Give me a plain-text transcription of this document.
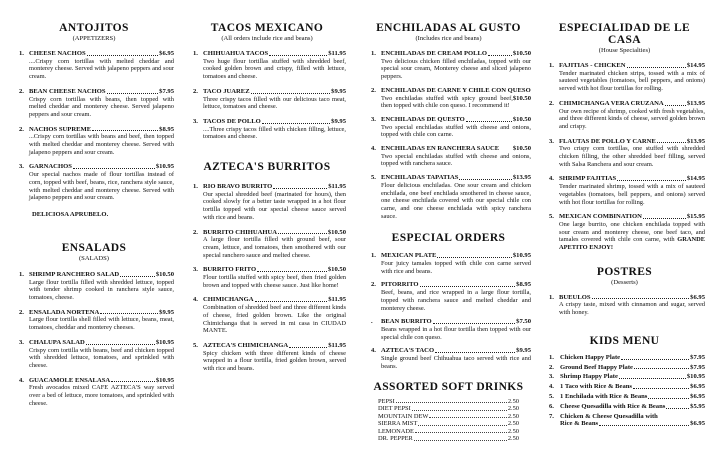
ANTOJITOS
(APPETIZERS)
1. CHEESE NACHOS	$6.95
....Crispy corn tortillas with melted cheddar and monterey cheese. Served with jalapeno peppers and sour cream.
2. BEAN CHEESE NACHOS	$7.95
Crispy corn tortillas with beans, then topped with melted cheddar and monterey cheese. Served jalapeno peppers and sour cream.
2. NACHOS SUPREME	$8.95
...Crispy corn tortillas with beans and beef, then topped with melted cheddar and monterey cheese. Served with jalapeno peppers and sour cream.
3. GARNACHOS	$10.95
Our special nachos made of flour tortillas instead of corn, topped with beef, beans, rice, ranchera style sauce, with melted cheddar and monterey cheese. Served with jalapeno peppers and sour cream.
DELICIOSA APRUBELO.
ENSALADS
(SALADS)
1. SHRIMP RANCHERO SALAD	$10.50
Large flour tortilla filled with shredded lettuce, topped with tender shrimp cooked in ranchera style sauce, tomatoes, cheese.
2. ENSALADA NORTENA	$9.95
Large flour tortilla shell filled with lettuce, beans, meat, tomatoes, cheddar and monterey cheeses.
3. CHALUPA SALAD	$10.95
Crispy corn tortilla with beans, beef and chicken topped with shredded lettuce, tomatoes, and sprinkled with cheese.
4. GUACAMOLE ENSALASA	$10.95
Fresh avocados mixed CAFE AZTECA'S way served over a bed of lettuce, more tomatoes, and sprinkled with cheese.
TACOS MEXICANO
(All orders include rice and beans)
1. CHIHUAHUA TACOS	$11.95
Two huge flour tortillas stuffed with shredded beef, cooked golden brown and crispy, filled with lettuce, tomatoes and cheese.
2. TACO JUAREZ	$9.95
Three crispy tacos filled with our delicious taco meat, lettuce, tomatoes and cheese.
3. TACOS DE POLLO	$9.95
....Three crispy tacos filled with chicken filling, lettuce, tomatoes and cheese.
AZTECA'S BURRITOS
1. RIO BRAVO BURRITO	$11.95
Our special shredded beef (marinated for hours), then cooked slowly for a better taste wrapped in a hot flour tortilla topped with our special cheese sauce served with rice and beans.
2. BURRITO CHIHUAHUA	$10.50
A large flour tortilla filled with ground beef, sour cream, lettuce, and tomatoes, then smothered with our special ranchero sauce and melted cheese.
3. BURRITO FRITO	$10.50
Flour tortilla stuffed with spicy beef, then fried golden brown and topped with cheese sauce. Just like home!
4. CHIMICHANGA	$11.95
Combination of shredded beef and three different kinds of cheese, fried golden brown. Like the original Chimichanga that is served in mi casa in CIUDAD MANTE.
5. AZTECA'S CHIMICHANGA	$11.95
Spicy chicken with three different kinds of cheese wrapped in a flour tortilla, fried golden brown, served with rice and beans.
ENCHILADAS AL GUSTO
(Includes rice and beans)
1. ENCHILADAS DE CREAM POLLO	$10.50
Two delicious chicken filled enchiladas, topped with our special sour cream, Monterey cheese and sliced jalapeno peppers.
2. ENCHILADAS DE CARNE Y CHILE CON QUESO
$10.50
Two enchiladas stuffed with spicy ground beef, then topped with chile con queso. I recommend it!
3. ENCHILADAS DE QUESTO	$10.50
Two special enchiladas stuffed with cheese and onions, topped with chile con carne.
4. ENCHILADAS EN RANCHERA SAUCE $10.50
Two special enchiladas stuffed with cheese and onions, topped with ranchera sauce.
5. ENCHILADAS TAPATIAS	$13.95
Flour delicious enchiladas. One sour cream and chicken enchilada, one beef enchilada smothered in cheese sauce, one cheese enchilada covered with our special chile con carne, and one cheese enchilada with spicy ranchera sauce.
ESPECIAL ORDERS
1. MEXICAN PLATE	$10.95
Four juicy tamales topped with chile con carne served with rice and beans.
2. PITORRITO	$8.95
Beef, beans, and rice wrapped in a large flour tortilla, topped with ranchera sauce and melted cheddar and monterey cheese.
. BEAN BURRITO	$7.50
Beans wrapped in a hot flour tortilla then topped with our special chile con queso.
4. AZTECA'S TACO	$9.95
Single ground beef Chihuahua taco served with rice and beans.
ASSORTED SOFT DRINKS
PEPSI	2.50
DIET PEPSI	2.50
MOUNTAIN DEW	2.50
SIERRA MIST	2.50
LEMONADE	2.50
DR. PEPPER	2.50
ESPECIALIDAD DE LE CASA
(House Specialties)
1. FAJITIAS - CHICKEN	$14.95
Tender marinated chicken strips, tossed with a mix of sauteed vegetables (tomatoes, bell peppers, and onions) served with hot flour tortillas for rolling.
2. CHIMICHANGA VERA CRUZANA	$13.95
Our own recipe of shrimp, cooked with fresh vegetables, and three different kinds of cheese, served golden brown and crispy.
3. FLAUTAS DE POLLO Y CARNE	$13.95
Two crispy corn tortillas, one stuffed with shredded chicken filling, the other shredded beef filling, served with Salsa Ranchera and sour cream.
4. SHRIMP FAJITIAS	$14.95
Tender marinated shrimp, tossed with a mix of sauteed vegetables (tomatoes, bell peppers, and onions) served with hot flour tortillas for rolling.
5. MEXICAN COMBINATION	$15.95
One large burrito, one chicken enchilada topped with sour cream and monterey cheese, one beef taco, and tamales covered with chile con carne, with GRANDE APETITO ENJOY!
POSTRES
(Desserts)
1. BUEULOS	$6.95
A crispy taste, mixed with cinnamon and sugar, served with honey.
KIDS MENU
1. Chicken Happy Plate	$7.95
2. Ground Beef Happy Plate	$7.95
3. Shrimp Happy Plate	$10.95
4. 1 Taco with Rice & Beans	$6.95
5. 1 Enchilada with Rice & Beans	$6.95
6. Cheese Quesadilla with Rice & Beans	$5.95
7. Chicken & Cheese Quesadilla with
Rice & Beans	$6.95
